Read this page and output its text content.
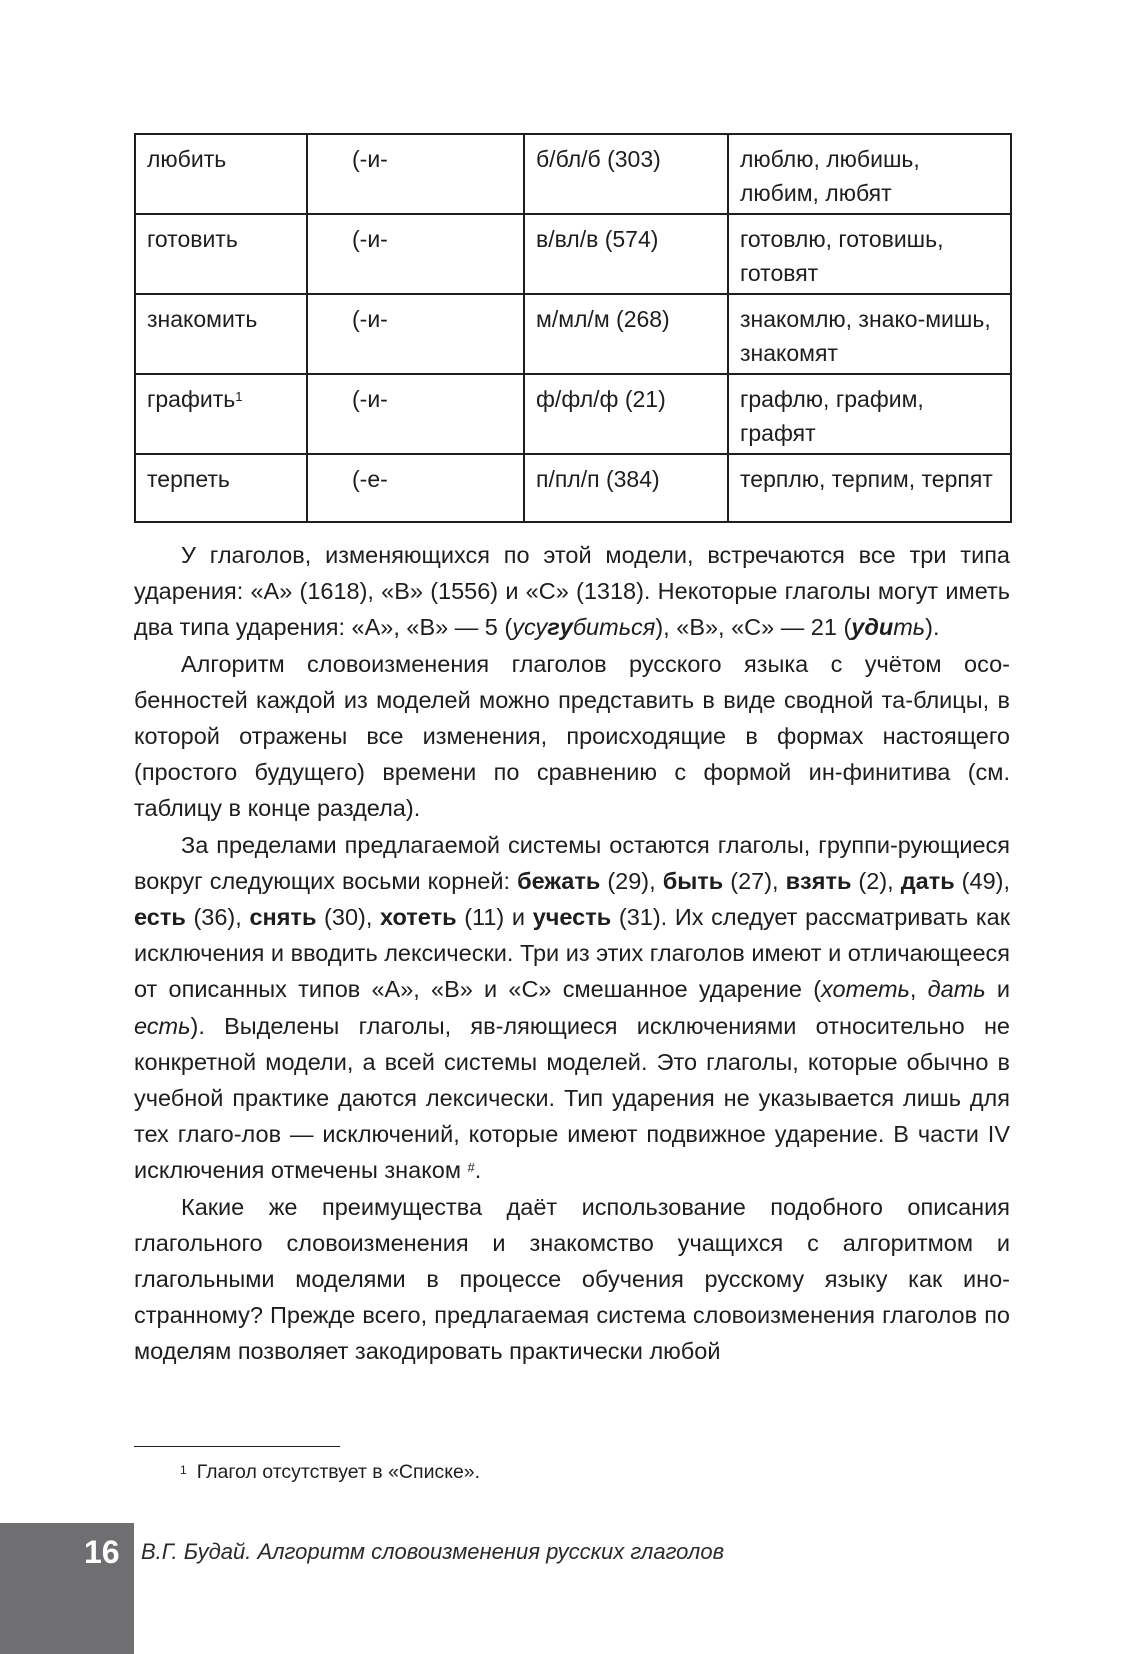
любить	(-и-	б/бл/б (303)	люблю, любишь, любим, любят
готовить	(-и-	в/вл/в (574)	готовлю, готовишь, готовят
знакомить	(-и-	м/мл/м (268)	знакомлю, знако-мишь, знакомят
графить$^1$	(-и-	ф/фл/ф (21)	графлю, графим, графят
терпеть	(-е-	п/пл/п (384)	терплю, терпим, терпят

У глаголов, изменяющихся по этой модели, встречаются все три типа ударения: «А» (1618), «В» (1556) и «С» (1318). Некоторые глаголы могут иметь два типа ударения: «А», «В» — 5 (усугубиться), «В», «С» — 21 (удить).

Алгоритм словоизменения глаголов русского языка с учётом осо-бенностей каждой из моделей можно представить в виде сводной та-блицы, в которой отражены все изменения, происходящие в формах настоящего (простого будущего) времени по сравнению с формой ин-финитива (см. таблицу в конце раздела).

За пределами предлагаемой системы остаются глаголы, группи-рующиеся вокруг следующих восьми корней: бежать (29), быть (27), взять (2), дать (49), есть (36), снять (30), хотеть (11) и учесть (31). Их следует рассматривать как исключения и вводить лексически. Три из этих глаголов имеют и отличающееся от описанных типов «А», «В» и «С» смешанное ударение (хотеть, дать и есть). Выделены глаголы, яв-ляющиеся исключениями относительно не конкретной модели, а всей системы моделей. Это глаголы, которые обычно в учебной практике даются лексически. Тип ударения не указывается лишь для тех глаго-лов — исключений, которые имеют подвижное ударение. В части IV исключения отмечены знаком #.

Какие же преимущества даёт использование подобного описания глагольного словоизменения и знакомство учащихся с алгоритмом и глагольными моделями в процессе обучения русскому языку как ино-странному? Прежде всего, предлагаемая система словоизменения глаголов по моделям позволяет закодировать практически любой

$^1$ Глагол отсутствует в «Списке».
16 В.Г. Будай. Алгоритм словоизменения русских глаголов
